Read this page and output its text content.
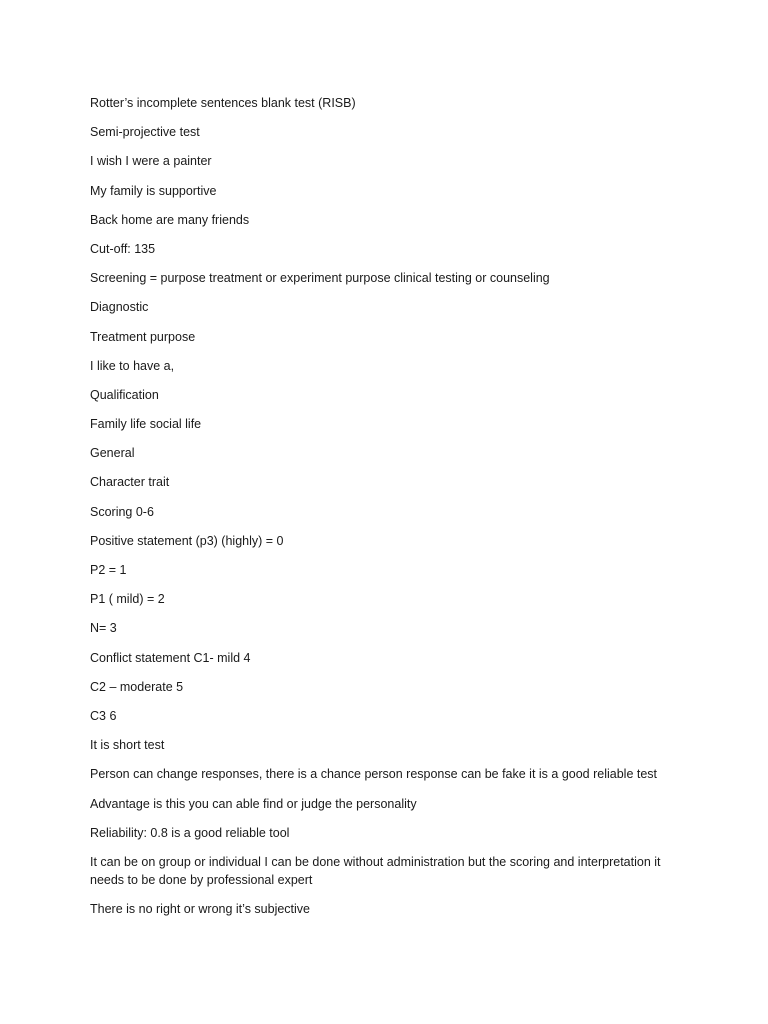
Rotter’s incomplete sentences blank test (RISB)

Semi-projective test

I wish I were a painter

My family is supportive

Back home are many friends

Cut-off: 135

Screening = purpose treatment or experiment purpose clinical testing or counseling

Diagnostic

Treatment purpose

I like to have a,

Qualification

Family life social life

General

Character trait

Scoring 0-6

Positive statement (p3) (highly) = 0

P2 = 1

P1 ( mild) = 2

N= 3

Conflict statement C1- mild 4

C2 – moderate 5

C3 6

It is short test

Person can change responses, there is a chance person response can be fake it is a good reliable test

Advantage is this you can able find or judge the personality

Reliability: 0.8 is a good reliable tool

It can be on group or individual I can be done without administration but the scoring and interpretation it needs to be done by professional expert

There is no right or wrong it’s subjective
